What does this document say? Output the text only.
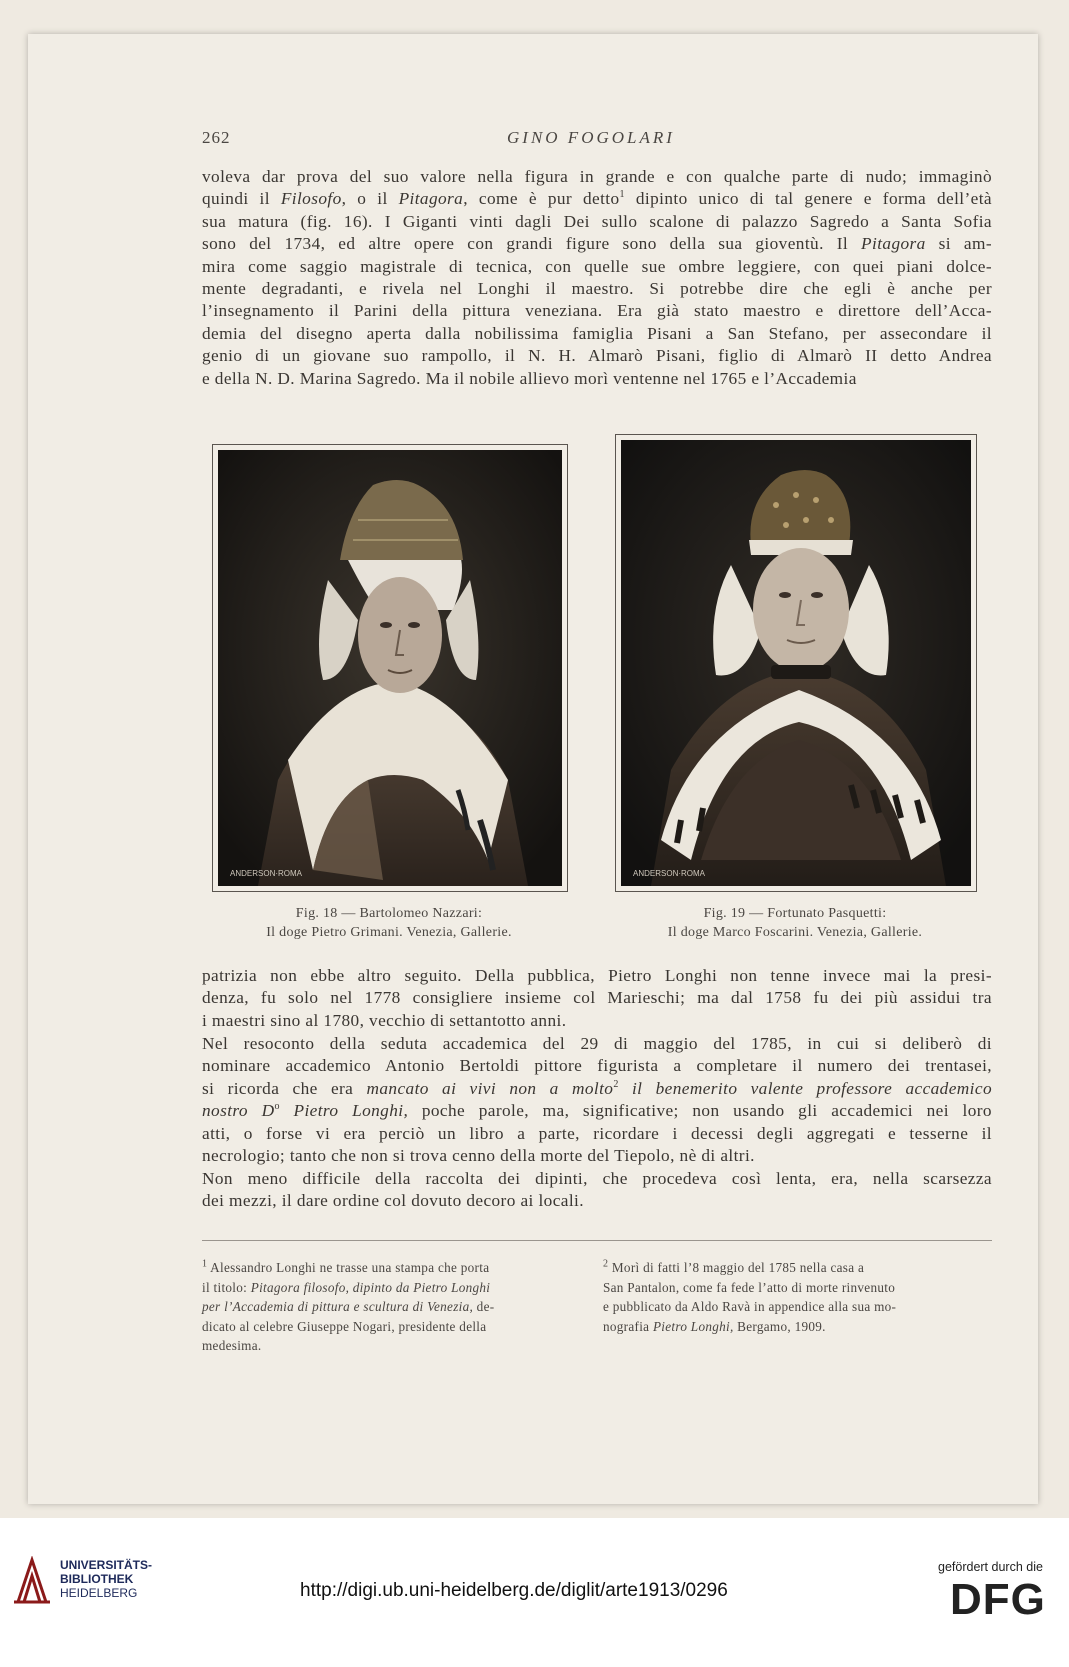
262	GINO FOGOLARI
voleva dar prova del suo valore nella figura in grande e con qualche parte di nudo; immaginò
quindi il Filosofo, o il Pitagora, come è pur detto$^1$ dipinto unico di tal genere e forma dell’età
sua matura (fig. 16). I Giganti vinti dagli Dei sullo scalone di palazzo Sagredo a Santa Sofia
sono del 1734, ed altre opere con grandi figure sono della sua gioventù. Il Pitagora si am-
mira come saggio magistrale di tecnica, con quelle sue ombre leggiere, con quei piani dolce-
mente degradanti, e rivela nel Longhi il maestro. Si potrebbe dire che egli è anche per
l’insegnamento il Parini della pittura veneziana. Era già stato maestro e direttore dell’Acca-
demia del disegno aperta dalla nobilissima famiglia Pisani a San Stefano, per assecondare il
genio di un giovane suo rampollo, il N. H. Almarò Pisani, figlio di Almarò II detto Andrea
e della N. D. Marina Sagredo. Ma il nobile allievo morì ventenne nel 1765 e l’Accademia
ANDERSON·ROMA
Fig. 18 — Bartolomeo Nazzari:
Il doge Pietro Grimani. Venezia, Gallerie.
ANDERSON·ROMA
Fig. 19 — Fortunato Pasquetti:
Il doge Marco Foscarini. Venezia, Gallerie.
patrizia non ebbe altro seguito. Della pubblica, Pietro Longhi non tenne invece mai la presi-
denza, fu solo nel 1778 consigliere insieme col Marieschi; ma dal 1758 fu dei più assidui tra
i maestri sino al 1780, vecchio di settantotto anni.
Nel resoconto della seduta accademica del 29 di maggio del 1785, in cui si deliberò di
nominare accademico Antonio Bertoldi pittore figurista a completare il numero dei trentasei,
si ricorda che era mancato ai vivi non a molto$^2$ il benemerito valente professore accademico
nostro $D^o$ Pietro Longhi, poche parole, ma, significative; non usando gli accademici nei loro
atti, o forse vi era perciò un libro a parte, ricordare i decessi degli aggregati e tesserne il
necrologio; tanto che non si trova cenno della morte del Tiepolo, nè di altri.
Non meno difficile della raccolta dei dipinti, che procedeva così lenta, era, nella scarsezza
dei mezzi, il dare ordine col dovuto decoro ai locali.
$^1$ Alessandro Longhi ne trasse una stampa che porta
il titolo: Pitagora filosofo, dipinto da Pietro Longhi
per l’Accademia di pittura e scultura di Venezia, de-
dicato al celebre Giuseppe Nogari, presidente della
medesima.
$^2$ Morì di fatti l’8 maggio del 1785 nella casa a
San Pantalon, come fa fede l’atto di morte rinvenuto
e pubblicato da Aldo Ravà in appendice alla sua mo-
nografia Pietro Longhi, Bergamo, 1909.
UNIVERSITÄTS-
BIBLIOTHEK
HEIDELBERG	http://digi.ub.uni-heidelberg.de/diglit/arte1913/0296
gefördert durch die
DFG
